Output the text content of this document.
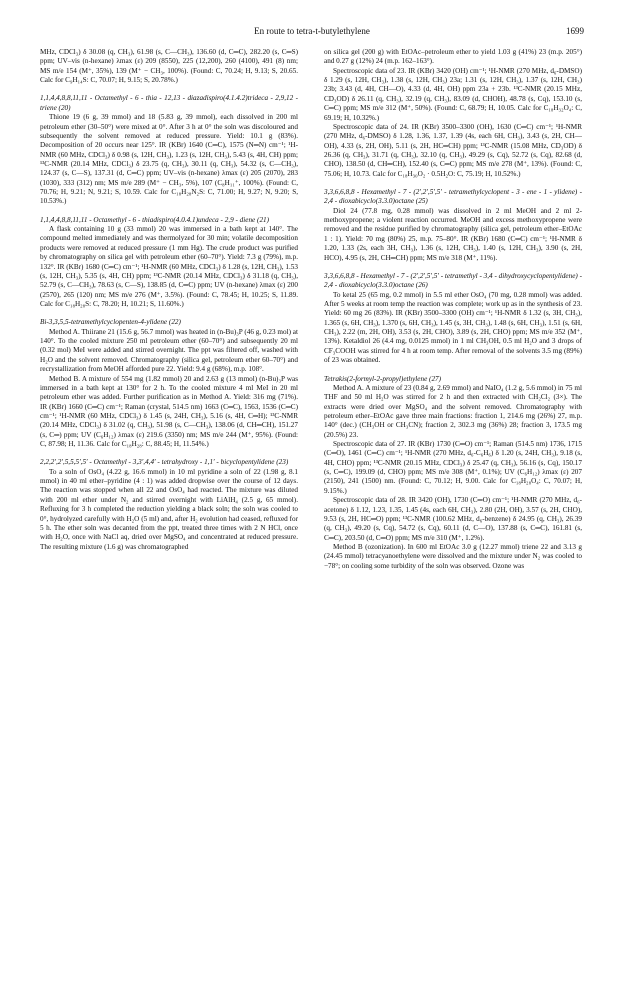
En route to tetra-t-butylethylene	1699

MHz, CDCl₃) δ 30.08 (q, CH₃), 61.98 (s, C—CH₃), 136.60 (d, C═C), 282.20 (s, C═S) ppm; UV–vis (n-hexane) λmax (ε) 209 (8550), 225 (12,200), 260 (4100), 491 (8) nm; MS m/e 154 (M⁺, 35%), 139 (M⁺ − CH₃, 100%). (Found: C, 70.24; H, 9.13; S, 20.65. Calc for C₉H₁₄S: C, 70.07; H, 9.15; S, 20.78%.)

1,1,4,4,8,8,11,11 - Octamethyl - 6 - thia - 12,13 - diazadispiro(4.1.4.2)trideca - 2,9,12 - triene (20)

Thione 19 (6 g, 39 mmol) and 18 (5.83 g, 39 mmol), each dissolved in 200 ml petroleum ether (30–50°) were mixed at 0°. After 3 h at 0° the soln was discoloured and subsequently the solvent removed at reduced pressure. Yield: 10.1 g (83%). Decomposition of 20 occurs near 125°. IR (KBr) 1640 (C═C), 1575 (N═N) cm⁻¹; ¹H-NMR (60 MHz, CDCl₃) δ 0.98 (s, 12H, CH₃), 1.23 (s, 12H, CH₃), 5.43 (s, 4H, CH) ppm; ¹³C-NMR (20.14 MHz, CDCl₃) δ 23.75 (q, CH₃), 30.11 (q, CH₃), 54.32 (s, C—CH₃), 124.37 (s, C—S), 137.31 (d, C═C) ppm; UV–vis (n-hexane) λmax (ε) 205 (2070), 283 (1030), 333 (312) nm; MS m/e 289 (M⁺ − CH₃, 5%), 107 (C₈H₁₁⁺, 100%). (Found: C, 70.76; H, 9.21; N, 9.21; S, 10.59. Calc for C₁₈H₂₈N₂S: C, 71.00; H, 9.27; N, 9.20; S, 10.53%.)

1,1,4,4,8,8,11,11 - Octamethyl - 6 - thiadispiro(4.0.4.1)undeca - 2,9 - diene (21)

A flask containing 10 g (33 mmol) 20 was immersed in a bath kept at 140°. The compound melted immediately and was thermolyzed for 30 min; volatile decomposition products were removed at reduced pressure (1 mm Hg). The crude product was purified by chromatography on silica gel with petroleum ether (60–70°). Yield: 7.3 g (79%), m.p. 132°. IR (KBr) 1680 (C═C) cm⁻¹; ¹H-NMR (60 MHz, CDCl₃) δ 1.28 (s, 12H, CH₃), 1.53 (s, 12H, CH₃), 5.35 (s, 4H, CH) ppm; ¹³C-NMR (20.14 MHz, CDCl₃) δ 31.18 (q, CH₃), 52.79 (s, C—CH₃), 78.63 (s, C—S), 138.85 (d, C═C) ppm; UV (n-hexane) λmax (ε) 200 (2570), 265 (120) nm; MS m/e 276 (M⁺, 3.5%). (Found: C, 78.45; H, 10.25; S, 11.89. Calc for C₁₈H₂₈S: C, 78.20; H, 10.21; S, 11.60%.)

Bi-3,3,5,5-tetramethylcyclopenten-4-ylidene (22)

Method A. Thiirane 21 (15.6 g, 56.7 mmol) was heated in (n-Bu)₃P (46 g, 0.23 mol) at 140°. To the cooled mixture 250 ml petroleum ether (60–70°) and subsequently 20 ml (0.32 mol) MeI were added and stirred overnight. The ppt was filtered off, washed with H₂O and the solvent removed. Chromatography (silica gel, petroleum ether 60–70°) and recrystallization from MeOH afforded pure 22. Yield: 9.4 g (68%), m.p. 108°.

Method B. A mixture of 554 mg (1.82 mmol) 20 and 2.63 g (13 mmol) (n-Bu)₃P was immersed in a bath kept at 130° for 2 h. To the cooled mixture 4 ml MeI in 20 ml petroleum ether was added. Further purification as in Method A. Yield: 316 mg (71%). IR (KBr) 1660 (C═C) cm⁻¹; Raman (crystal, 514.5 nm) 1663 (C═C), 1563, 1536 (C═C) cm⁻¹; ¹H-NMR (60 MHz, CDCl₃) δ 1.45 (s, 24H, CH₃), 5.16 (s, 4H, C═H); ¹³C-NMR (20.14 MHz, CDCl₃) δ 31.02 (q, CH₃), 51.98 (s, C—CH₃), 138.06 (d, CH═CH), 151.27 (s, C═) ppm; UV (C₆H₁₂) λmax (ε) 219.6 (3350) nm; MS m/e 244 (M⁺, 95%). (Found: C, 87.98; H, 11.36. Calc for C₁₈H₂₈: C, 88.45; H, 11.54%.)

2,2,2′,2′,5,5,5′,5′ - Octamethyl - 3,3′,4,4′ - tetrahydroxy - 1,1′ - bicyclopentylidene (23)

To a soln of OsO₄ (4.22 g, 16.6 mmol) in 10 ml pyridine a soln of 22 (1.98 g, 8.1 mmol) in 40 ml ether–pyridine (4 : 1) was added dropwise over the course of 12 days. The reaction was stopped when all 22 and OsO₄ had reacted. The mixture was diluted with 200 ml ether under N₂ and stirred overnight with LiAlH₄ (2.5 g, 65 mmol). Refluxing for 3 h completed the reduction yielding a black soln; the soln was cooled to 0°, hydrolyzed carefully with H₂O (5 ml) and, after H₂ evolution had ceased, refluxed for 5 h. The ether soln was decanted from the ppt, treated three times with 2 N HCl, once with H₂O, once with NaCl aq, dried over MgSO₄ and concentrated at reduced pressure. The resulting mixture (1.6 g) was chromatographed

on silica gel (200 g) with EtOAc–petroleum ether to yield 1.03 g (41%) 23 (m.p. 205°) and 0.27 g (12%) 24 (m.p. 162–163°).

Spectroscopic data of 23. IR (KBr) 3420 (OH) cm⁻¹; ¹H-NMR (270 MHz, d₆-DMSO) δ 1.29 (s, 12H, CH₃), 1.38 (s, 12H, CH₃) 23a; 1.31 (s, 12H, CH₃), 1.37 (s, 12H, CH₃) 23b; 3.43 (d, 4H, CH—O), 4.33 (d, 4H, OH) ppm 23a + 23b. ¹³C-NMR (20.15 MHz, CD₃OD) δ 26.11 (q, CH₃), 32.19 (q, CH₃), 83.09 (d, CHOH), 48.78 (s, Cq), 153.10 (s, C═C) ppm; MS m/e 312 (M⁺, 50%). (Found: C, 68.79; H, 10.05. Calc for C₁₈H₃₂O₄: C, 69.19; H, 10.32%.)

Spectroscopic data of 24. IR (KBr) 3500–3300 (OH), 1630 (C═C) cm⁻¹; ¹H-NMR (270 MHz, d₆-DMSO) δ 1.28, 1.36, 1.37, 1.39 (4s, each 6H, CH₃), 3.43 (s, 2H, CH—OH), 4.33 (s, 2H, OH), 5.11 (s, 2H, HC═CH) ppm; ¹³C-NMR (15.08 MHz, CD₃OD) δ 26.36 (q, CH₃), 31.71 (q, CH₃), 32.10 (q, CH₃), 49.29 (s, Cq), 52.72 (s, Cq), 82.68 (d, CHO), 138.50 (d, CH═CH), 152.40 (s, C═C) ppm; MS m/e 278 (M⁺, 13%). (Found: C, 75.06; H, 10.73. Calc for C₁₈H₃₀O₂ · 0.5H₂O: C, 75.19; H, 10.52%.)

3,3,6,6,8,8 - Hexamethyl - 7 - (2′,2′,5′,5′ - tetramethylcyclopent - 3 - ene - 1 - ylidene) - 2,4 - dioxabicyclo(3.3.0)octane (25)

Diol 24 (77.8 mg, 0.28 mmol) was dissolved in 2 ml MeOH and 2 ml 2-methoxypropene; a violent reaction occurred. MeOH and excess methoxypropene were removed and the residue purified by chromatography (silica gel, petroleum ether–EtOAc 1 : 1). Yield: 70 mg (80%) 25, m.p. 75–80°. IR (KBr) 1680 (C═C) cm⁻¹; ¹H-NMR δ 1.20, 1.33 (2s, each 3H, CH₃), 1.36 (s, 12H, CH₃), 1.40 (s, 12H, CH₃), 3.90 (s, 2H, HCO), 4.95 (s, 2H, CH═CH) ppm; MS m/e 318 (M⁺, 11%).

3,3,6,6,8,8 - Hexamethyl - 7 - (2′,2′,5′,5′ - tetramethyl - 3,4 - dihydroxycyclopentylidene) - 2,4 - dioxabicyclo(3.3.0)octane (26)

To ketal 25 (65 mg, 0.2 mmol) in 5.5 ml ether OsO₄ (70 mg, 0.28 mmol) was added. After 5 weeks at room temp the reaction was complete; work up as in the synthesis of 23. Yield: 60 mg 26 (83%). IR (KBr) 3500–3300 (OH) cm⁻¹; ¹H-NMR δ 1.32 (s, 3H, CH₃), 1.365 (s, 6H, CH₃), 1.370 (s, 6H, CH₃), 1.45 (s, 3H, CH₃), 1.48 (s, 6H, CH₃), 1.51 (s, 6H, CH₃), 2.22 (m, 2H, OH), 3.53 (s, 2H, CHO), 3.89 (s, 2H, CHO) ppm; MS m/e 352 (M⁺, 13%). Ketaldiol 26 (4.4 mg, 0.0125 mmol) in 1 ml CH₃OH, 0.5 ml H₂O and 3 drops of CF₃COOH was stirred for 4 h at room temp. After removal of the solvents 3.5 mg (89%) of 23 was obtained.

Tetrakis(2-formyl-2-propyl)ethylene (27)

Method A. A mixture of 23 (0.84 g, 2.69 mmol) and NaIO₄ (1.2 g, 5.6 mmol) in 75 ml THF and 50 ml H₂O was stirred for 2 h and then extracted with CH₂Cl₂ (3×). The extracts were dried over MgSO₄ and the solvent removed. Chromatography with petroleum ether–EtOAc gave three main fractions: fraction 1, 214.6 mg (26%) 27, m.p. 140° (dec.) (CH₃OH or CH₃CN); fraction 2, 302.3 mg (36%) 28; fraction 3, 173.5 mg (20.5%) 23.

Spectroscopic data of 27. IR (KBr) 1730 (C═O) cm⁻¹; Raman (514.5 nm) 1736, 1715 (C═O), 1461 (C═C) cm⁻¹; ¹H-NMR (270 MHz, d₆-C₆H₆) δ 1.20 (s, 24H, CH₃), 9.18 (s, 4H, CHO) ppm; ¹³C-NMR (20.15 MHz, CDCl₃) δ 25.47 (q, CH₃), 56.16 (s, Cq), 150.17 (s, C═C), 199.09 (d, CHO) ppm; MS m/e 308 (M⁺, 0.1%); UV (C₆H₁₂) λmax (ε) 207 (2150), 241 (1500) nm. (Found: C, 70.12; H, 9.00. Calc for C₁₈H₂₈O₄: C, 70.07; H, 9.15%.)

Spectroscopic data of 28. IR 3420 (OH), 1730 (C═O) cm⁻¹; ¹H-NMR (270 MHz, d₆-acetone) δ 1.12, 1.23, 1.35, 1.45 (4s, each 6H, CH₃), 2.80 (2H, OH), 3.57 (s, 2H, CHO), 9.53 (s, 2H, HC═O) ppm; ¹³C-NMR (100.62 MHz, d₆-benzene) δ 24.95 (q, CH₃), 26.39 (q, CH₃), 49.20 (s, Cq), 54.72 (s, Cq), 60.11 (d, C—O), 137.88 (s, C═C), 161.81 (s, C═C), 203.50 (d, C═O) ppm; MS m/e 310 (M⁺, 1.2%).

Method B (ozonization). In 600 ml EtOAc 3.0 g (12.27 mmol) triene 22 and 3.13 g (24.45 mmol) tetracyanoethylene were dissolved and the mixture under N₂ was cooled to −78°; on cooling some turbidity of the soln was observed. Ozone was
